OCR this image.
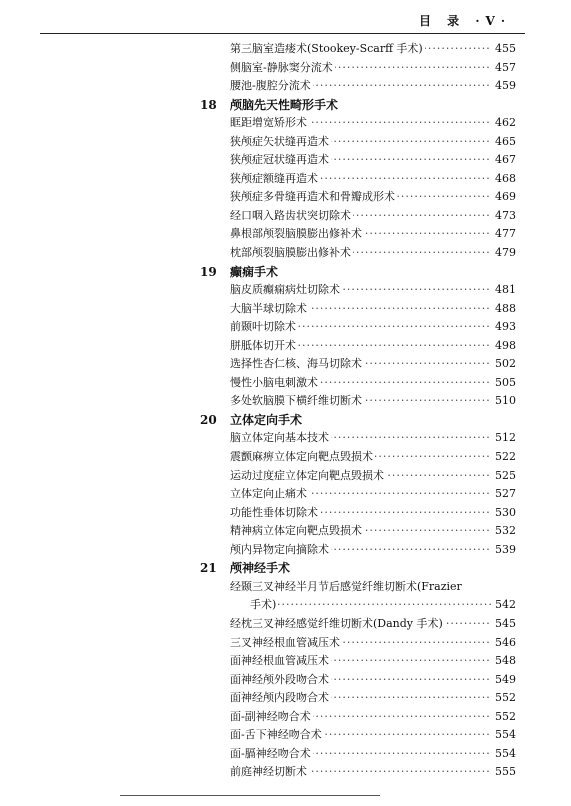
目 录 ·V·
·····
第三脑室造瘘术(Stookey-Scarff 手术)	455
·····
侧脑室-静脉窦分流术	457
·····
腰池-腹腔分流术	459
18 颅脑先天性畸形手术
·····
眶距增宽矫形术	462
·····
狭颅症矢状缝再造术	465
·····
狭颅症冠状缝再造术	467
·····
狭颅症额缝再造术	468
·····
狭颅症多骨缝再造术和骨瓣成形术	469
·····
经口咽入路齿状突切除术	473
·····
鼻根部颅裂脑膜膨出修补术	477
·····
枕部颅裂脑膜膨出修补术	479
19 癫痫手术
·····
脑皮质癫痫病灶切除术	481
·····
大脑半球切除术	488
·····
前颞叶切除术	493
·····
胼胝体切开术	498
·····
选择性杏仁核、海马切除术	502
·····
慢性小脑电刺激术	505
·····
多处软脑膜下横纤维切断术	510
20 立体定向手术
·····
脑立体定向基本技术	512
·····
震颤麻痹立体定向靶点毁损术	522
·····
运动过度症立体定向靶点毁损术	525
·····
立体定向止痛术	527
·····
功能性垂体切除术	530
·····
精神病立体定向靶点毁损术	532
·····
颅内异物定向摘除术	539
21 颅神经手术
经颞三叉神经半月节后感觉纤维切断术(Frazier
·····
手术)	542
·····
经枕三叉神经感觉纤维切断术(Dandy 手术)	545
·····
三叉神经根血管减压术	546
·····
面神经根血管减压术	548
·····
面神经颅外段吻合术	549
·····
面神经颅内段吻合术	552
·····
面-副神经吻合术	552
·····
面-舌下神经吻合术	554
·····
面-膈神经吻合术	554
·····
前庭神经切断术	555
